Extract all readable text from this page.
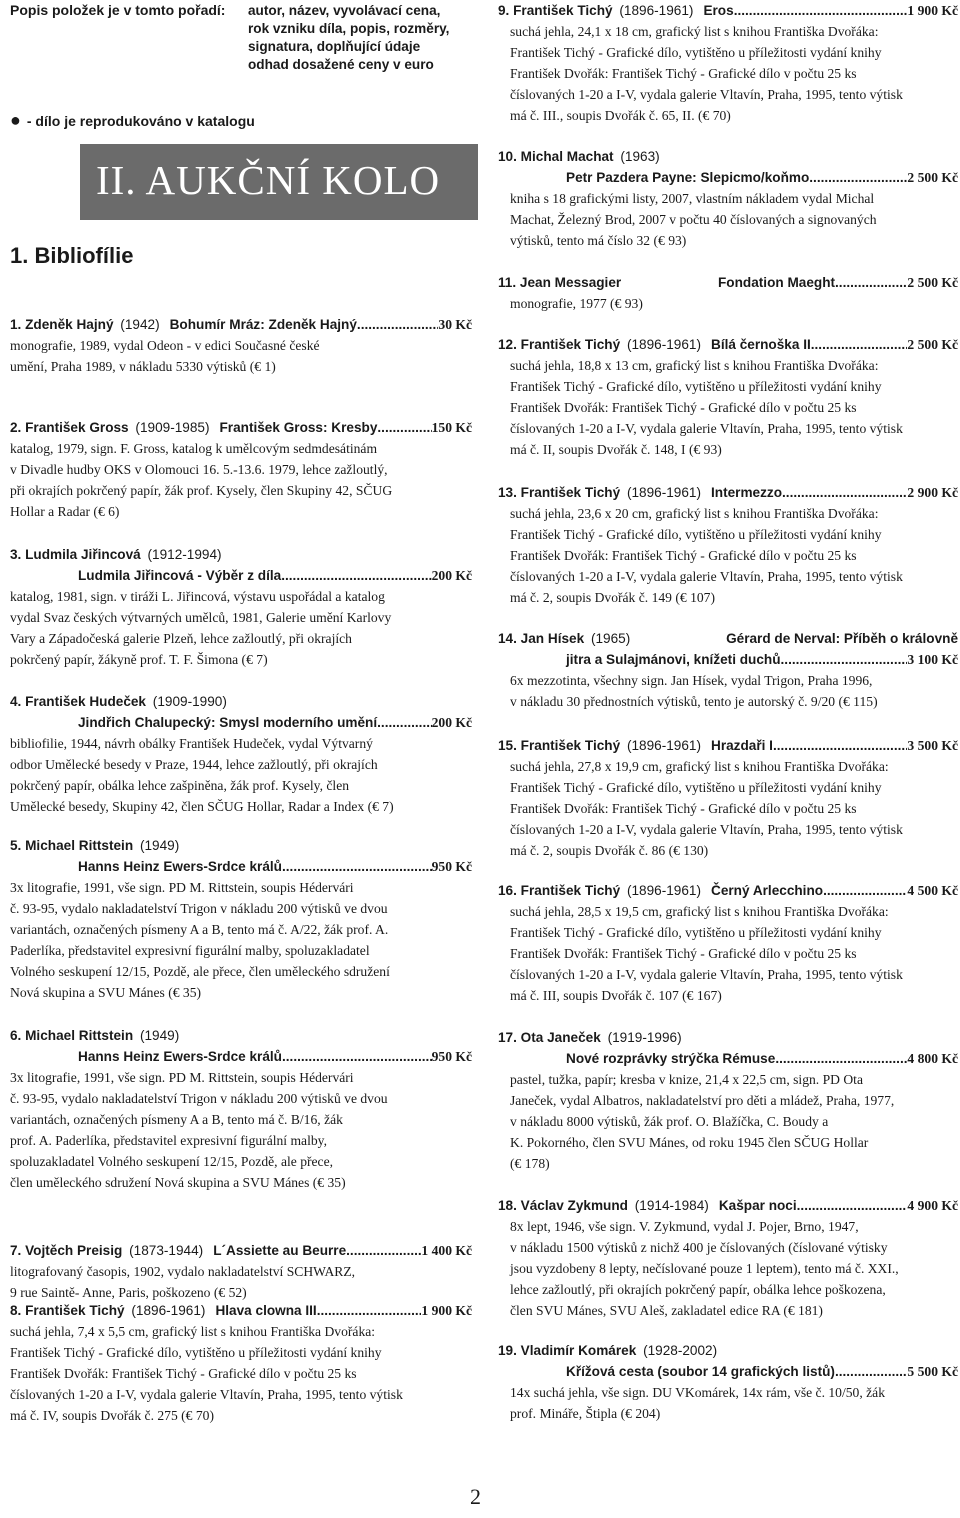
Popis položek je v tomto pořadí: autor, název, vyvolávací cena,
rok vzniku díla, popis, rozměry,
signatura, doplňující údaje
odhad dosažené ceny v euro
● - dílo je reprodukováno v katalogu
II. AUKČNÍ KOLO
1. Bibliofílie
1. Zdeněk Hajný (1942) Bohumír Mráz: Zdeněk Hajný .....	30 Kč
monografie, 1989, vydal Odeon - v edici Současné české
umění, Praha 1989, v nákladu 5330 výtisků (€ 1)
2. František Gross (1909-1985) František Gross: Kresby .....	150 Kč
katalog, 1979, sign. F. Gross, katalog k umělcovým sedmdesátinám
v Divadle hudby OKS v Olomouci 16. 5.-13.6. 1979, lehce zažloutlý,
při okrajích pokrčený papír, žák prof. Kysely, člen Skupiny 42, SČUG
Hollar a Radar (€ 6)
3. Ludmila Jiřincová (1912-1994)
Ludmila Jiřincová - Výběr z díla .....	200 Kč
katalog, 1981, sign. v tiráži L. Jiřincová, výstavu uspořádal a katalog
vydal Svaz českých výtvarných umělců, 1981, Galerie umění Karlovy
Vary a Západočeská galerie Plzeň, lehce zažloutlý, při okrajích
pokrčený papír, žákyně prof. T. F. Šimona (€ 7)
4. František Hudeček (1909-1990)
Jindřich Chalupecký: Smysl moderního umění .....	200 Kč
bibliofilie, 1944, návrh obálky František Hudeček, vydal Výtvarný
odbor Umělecké besedy v Praze, 1944, lehce zažloutlý, při okrajích
pokrčený papír, obálka lehce zašpiněna, žák prof. Kysely, člen
Umělecké besedy, Skupiny 42, člen SČUG Hollar, Radar a Index (€ 7)
5. Michael Rittstein (1949)
Hanns Heinz Ewers-Srdce králů .....	950 Kč
3x litografie, 1991, vše sign. PD M. Rittstein, soupis Hédervári
č. 93-95, vydalo nakladatelství Trigon v nákladu 200 výtisků ve dvou
variantách, označených písmeny A a B, tento má č. A/22, žák prof. A.
Paderlíka, představitel expresivní figurální malby, spoluzakladatel
Volného seskupení 12/15, Pozdě, ale přece, člen uměleckého sdružení
Nová skupina a SVU Mánes (€ 35)
6. Michael Rittstein (1949)
Hanns Heinz Ewers-Srdce králů .....	950 Kč
3x litografie, 1991, vše sign. PD M. Rittstein, soupis Hédervári
č. 93-95, vydalo nakladatelství Trigon v nákladu 200 výtisků ve dvou
variantách, označených písmeny A a B, tento má č. B/16, žák
prof. A. Paderlíka, představitel expresivní figurální malby,
spoluzakladatel Volného seskupení 12/15, Pozdě, ale přece,
člen uměleckého sdružení Nová skupina a SVU Mánes (€ 35)
7. Vojtěch Preisig (1873-1944) L´Assiette au Beurre .....	1 400 Kč
litografovaný časopis, 1902, vydalo nakladatelství SCHWARZ,
9 rue Saintě- Anne, Paris, poškozeno (€ 52)
8. František Tichý (1896-1961) Hlava clowna III. .....	1 900 Kč
suchá jehla, 7,4 x 5,5 cm, grafický list s knihou Františka Dvořáka:
František Tichý - Grafické dílo, vytištěno u příležitosti vydání knihy
František Dvořák: František Tichý - Grafické dílo v počtu 25 ks
číslovaných 1-20 a I-V, vydala galerie Vltavín, Praha, 1995, tento výtisk
má č. IV, soupis Dvořák č. 275 (€ 70)
9. František Tichý (1896-1961) Eros .....	1 900 Kč
suchá jehla, 24,1 x 18 cm, grafický list s knihou Františka Dvořáka:
František Tichý - Grafické dílo, vytištěno u příležitosti vydání knihy
František Dvořák: František Tichý - Grafické dílo v počtu 25 ks
číslovaných 1-20 a I-V, vydala galerie Vltavín, Praha, 1995, tento výtisk
má č. III., soupis Dvořák č. 65, II. (€ 70)
10. Michal Machat (1963)
Petr Pazdera Payne: Slepicmo/koňmo .....	2 500 Kč
kniha s 18 grafickými listy, 2007, vlastním nákladem vydal Michal
Machat, Železný Brod, 2007 v počtu 40 číslovaných a signovaných
výtisků, tento má číslo 32 (€ 93)
11. Jean Messagier	Fondation Maeght .....	2 500 Kč
monografie, 1977 (€ 93)
12. František Tichý (1896-1961) Bílá černoška II. .....	2 500 Kč
suchá jehla, 18,8 x 13 cm, grafický list s knihou Františka Dvořáka:
František Tichý - Grafické dílo, vytištěno u příležitosti vydání knihy
František Dvořák: František Tichý - Grafické dílo v počtu 25 ks
číslovaných 1-20 a I-V, vydala galerie Vltavín, Praha, 1995, tento výtisk
má č. II, soupis Dvořák č. 148, I (€ 93)
13. František Tichý (1896-1961) Intermezzo .....	2 900 Kč
suchá jehla, 23,6 x 20 cm, grafický list s knihou Františka Dvořáka:
František Tichý - Grafické dílo, vytištěno u příležitosti vydání knihy
František Dvořák: František Tichý - Grafické dílo v počtu 25 ks
číslovaných 1-20 a I-V, vydala galerie Vltavín, Praha, 1995, tento výtisk
má č. 2, soupis Dvořák č. 149 (€ 107)
14. Jan Hísek (1965)	Gérard de Nerval: Příběh o královně
jitra a Sulajmánovi, knížeti duchů .....	3 100 Kč
6x mezzotinta, všechny sign. Jan Hísek, vydal Trigon, Praha 1996,
v nákladu 30 přednostních výtisků, tento je autorský č. 9/20 (€ 115)
15. František Tichý (1896-1961) Hrazdaři I. .....	3 500 Kč
suchá jehla, 27,8 x 19,9 cm, grafický list s knihou Františka Dvořáka:
František Tichý - Grafické dílo, vytištěno u příležitosti vydání knihy
František Dvořák: František Tichý - Grafické dílo v počtu 25 ks
číslovaných 1-20 a I-V, vydala galerie Vltavín, Praha, 1995, tento výtisk
má č. 2, soupis Dvořák č. 86 (€ 130)
16. František Tichý (1896-1961) Černý Arlecchino .....	4 500 Kč
suchá jehla, 28,5 x 19,5 cm, grafický list s knihou Františka Dvořáka:
František Tichý - Grafické dílo, vytištěno u příležitosti vydání knihy
František Dvořák: František Tichý - Grafické dílo v počtu 25 ks
číslovaných 1-20 a I-V, vydala galerie Vltavín, Praha, 1995, tento výtisk
má č. III, soupis Dvořák č. 107 (€ 167)
17. Ota Janeček (1919-1996)
Nové rozprávky strýčka Rémuse .....	4 800 Kč
pastel, tužka, papír; kresba v knize, 21,4 x 22,5 cm, sign. PD Ota
Janeček, vydal Albatros, nakladatelství pro děti a mládež, Praha, 1977,
v nákladu 8000 výtisků, žák prof. O. Blažíčka, C. Boudy a
K. Pokorného, člen SVU Mánes, od roku 1945 člen SČUG Hollar
(€ 178)
18. Václav Zykmund (1914-1984) Kašpar noci .....	4 900 Kč
8x lept, 1946, vše sign. V. Zykmund, vydal J. Pojer, Brno, 1947,
v nákladu 1500 výtisků z nichž 400 je číslovaných (číslované výtisky
jsou vyzdobeny 8 lepty, nečíslované pouze 1 leptem), tento má č. XXI.,
lehce zažloutlý, při okrajích pokrčený papír, obálka lehce poškozena,
člen SVU Mánes, SVU Aleš, zakladatel edice RA (€ 181)
19. Vladimír Komárek (1928-2002)
Křížová cesta (soubor 14 grafických listů) .....	5 500 Kč
14x suchá jehla, vše sign. DU VKomárek, 14x rám, vše č. 10/50, žák
prof. Mináře, Štipla (€ 204)
2
